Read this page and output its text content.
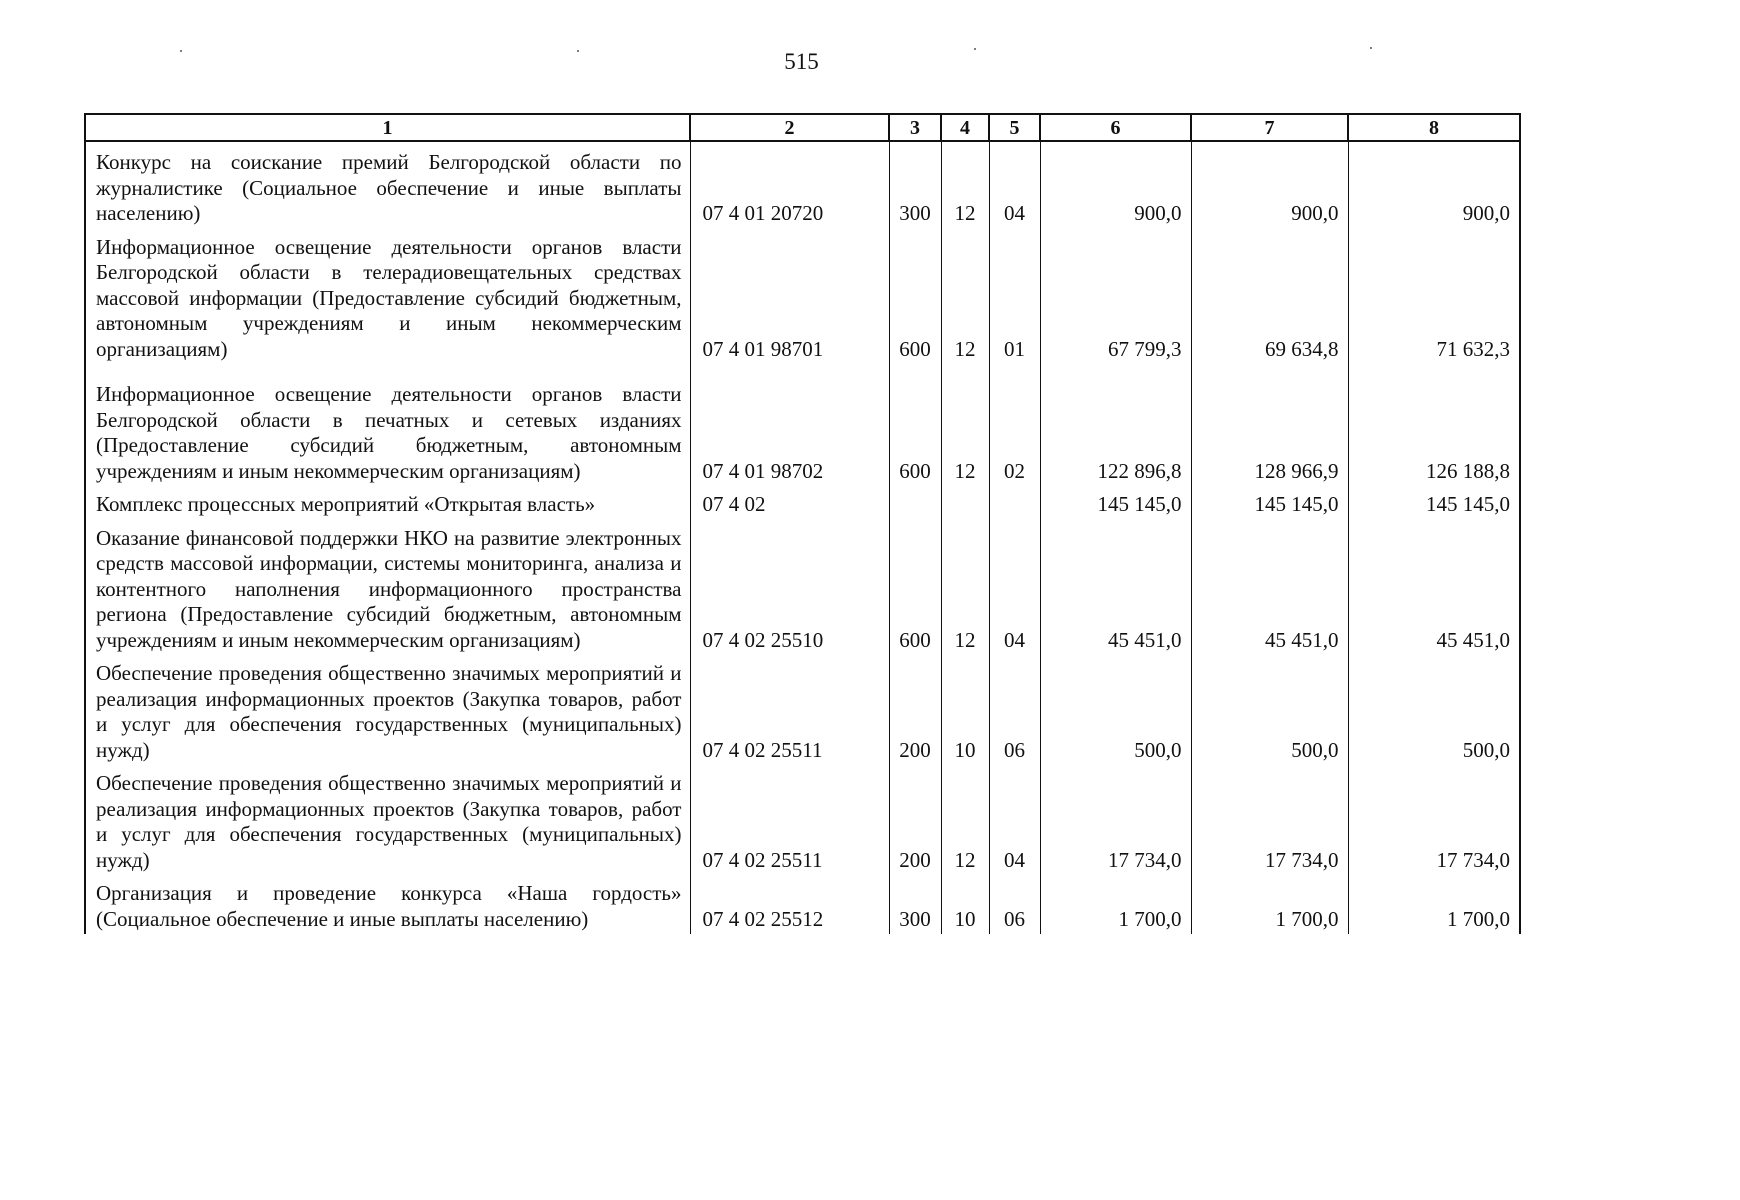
515
1	2	3	4	5	6	7	8
Конкурс на соискание премий Белгородской области по журналистике (Социальное обеспечение и иные выплаты населению)	07 4 01 20720	300	12	04	900,0	900,0	900,0
Информационное освещение деятельности органов власти Белгородской области в телерадиовещательных средствах массовой информации (Предоставление субсидий бюджетным, автономным учреждениям и иным некоммерческим организациям)	07 4 01 98701	600	12	01	67 799,3	69 634,8	71 632,3
Информационное освещение деятельности органов власти Белгородской области в печатных и сетевых изданиях (Предоставление субсидий бюджетным, автономным учреждениям и иным некоммерческим организациям)	07 4 01 98702	600	12	02	122 896,8	128 966,9	126 188,8
Комплекс процессных мероприятий «Открытая власть»	07 4 02				145 145,0	145 145,0	145 145,0
Оказание финансовой поддержки НКО на развитие электронных средств массовой информации, системы мониторинга, анализа и контентного наполнения информационного пространства региона (Предоставление субсидий бюджетным, автономным учреждениям и иным некоммерческим организациям)	07 4 02 25510	600	12	04	45 451,0	45 451,0	45 451,0
Обеспечение проведения общественно значимых мероприятий и реализация информационных проектов (Закупка товаров, работ и услуг для обеспечения государственных (муниципальных) нужд)	07 4 02 25511	200	10	06	500,0	500,0	500,0
Обеспечение проведения общественно значимых мероприятий и реализация информационных проектов (Закупка товаров, работ и услуг для обеспечения государственных (муниципальных) нужд)	07 4 02 25511	200	12	04	17 734,0	17 734,0	17 734,0
Организация и проведение конкурса «Наша гордость» (Социальное обеспечение и иные выплаты населению)	07 4 02 25512	300	10	06	1 700,0	1 700,0	1 700,0
